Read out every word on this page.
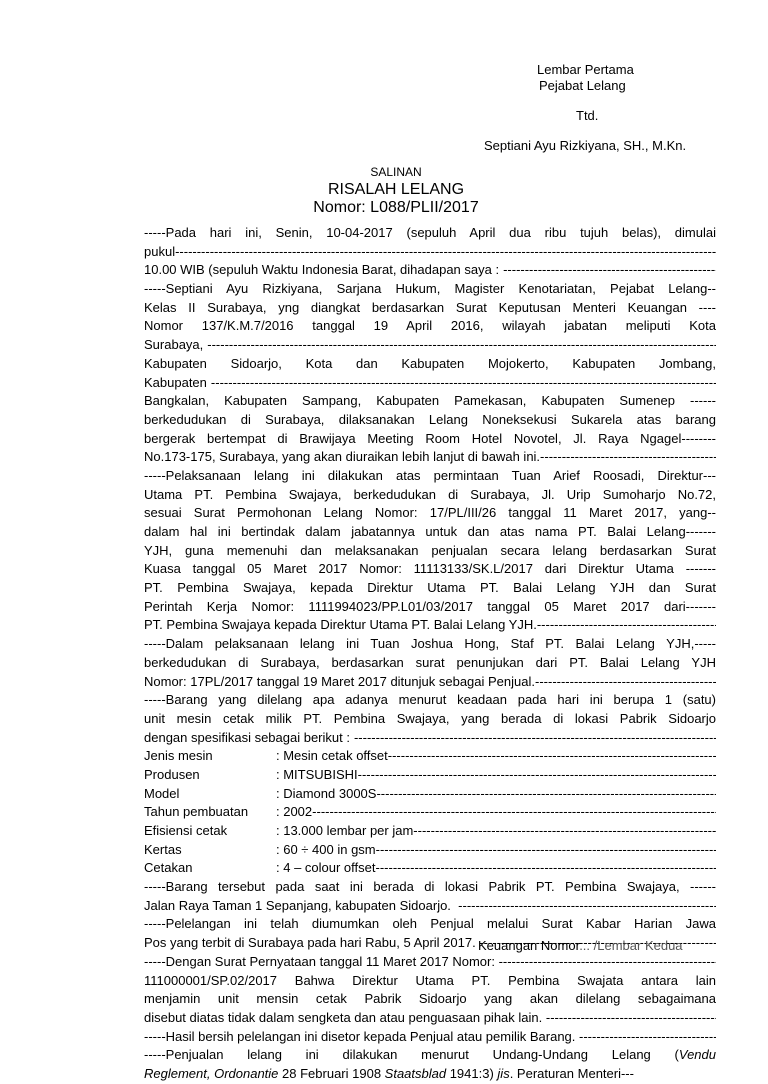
Lembar Pertama
Pejabat Lelang
Ttd.
Septiani Ayu Rizkiyana, SH., M.Kn.
SALINAN
RISALAH LELANG
Nomor: L088/PLII/2017
-----Pada hari ini, Senin, 10-04-2017 (sepuluh April dua ribu tujuh belas), dimulai
pukul
-----
10.00 WIB (sepuluh Waktu Indonesia Barat, dihadapan saya :
-----
-----Septiani Ayu Rizkiyana, Sarjana Hukum, Magister Kenotariatan, Pejabat Lelang--
Kelas II Surabaya, yng diangkat berdasarkan Surat Keputusan Menteri Keuangan ----
Nomor 137/K.M.7/2016 tanggal 19 April 2016, wilayah jabatan meliputi Kota
Surabaya,
-----
Kabupaten Sidoarjo, Kota dan Kabupaten Mojokerto, Kabupaten Jombang,
Kabupaten
-----
Bangkalan, Kabupaten Sampang, Kabupaten Pamekasan, Kabupaten Sumenep ------
berkedudukan di Surabaya, dilaksanakan Lelang Noneksekusi Sukarela atas barang
bergerak bertempat di Brawijaya Meeting Room Hotel Novotel, Jl. Raya Ngagel--------
No.173-175, Surabaya, yang akan diuraikan lebih lanjut di bawah ini.
-----
-----Pelaksanaan lelang ini dilakukan atas permintaan Tuan Arief Roosadi, Direktur---
Utama PT. Pembina Swajaya, berkedudukan di Surabaya, Jl. Urip Sumoharjo No.72,
sesuai Surat Permohonan Lelang Nomor: 17/PL/III/26 tanggal 11 Maret 2017, yang--
dalam hal ini bertindak dalam jabatannya untuk dan atas nama PT. Balai Lelang-------
YJH, guna memenuhi dan melaksanakan penjualan secara lelang berdasarkan Surat
Kuasa tanggal 05 Maret 2017 Nomor: 11113133/SK.L/2017 dari Direktur Utama -------
PT. Pembina Swajaya, kepada Direktur Utama PT. Balai Lelang YJH dan Surat
Perintah Kerja Nomor: 1111994023/PP.L01/03/2017 tanggal 05 Maret 2017 dari-------
PT. Pembina Swajaya kepada Direktur Utama PT. Balai Lelang YJH.
-----
-----Dalam pelaksanaan lelang ini Tuan Joshua Hong, Staf PT. Balai Lelang YJH,-----
berkedudukan di Surabaya, berdasarkan surat penunjukan dari PT. Balai Lelang YJH
Nomor: 17PL/2017 tanggal 19 Maret 2017 ditunjuk sebagai Penjual.
-----
-----Barang yang dilelang apa adanya menurut keadaan pada hari ini berupa 1 (satu)
unit mesin cetak milik PT. Pembina Swajaya, yang berada di lokasi Pabrik Sidoarjo
dengan spesifikasi sebagai berikut :
-----
Jenis mesin	: Mesin cetak offset
-----
Produsen	: MITSUBISHI
-----
Model	: Diamond 3000S
-----
Tahun pembuatan	: 2002
-----
Efisiensi cetak	: 13.000 lembar per jam
-----
Kertas	: 60 ÷ 400 in gsm
-----
Cetakan	: 4 – colour offset
-----
-----Barang tersebut pada saat ini berada di lokasi Pabrik PT. Pembina Swajaya, ------
Jalan Raya Taman 1 Sepanjang, kabupaten Sidoarjo.
-----
-----Pelelangan ini telah diumumkan oleh Penjual melalui Surat Kabar Harian Jawa
Pos yang terbit di Surabaya pada hari Rabu, 5 April 2017.
-----
-----Dengan Surat Pernyataan tanggal 11 Maret 2017 Nomor:
-----
111000001/SP.02/2017 Bahwa Direktur Utama PT. Pembina Swajata antara lain
menjamin unit mensin cetak Pabrik Sidoarjo yang akan dilelang sebagaimana
disebut diatas tidak dalam sengketa dan atau penguasaan pihak lain.
-----
-----Hasil bersih pelelangan ini disetor kepada Penjual atau pemilik Barang.
-----
-----Penjualan lelang ini dilakukan menurut Undang-Undang Lelang (Vendu
Reglement, Ordonantie 28 Februari 1908 Staatsblad 1941:3) jis. Peraturan Menteri---
Keuangan Nomor... /Lembar Kedua
